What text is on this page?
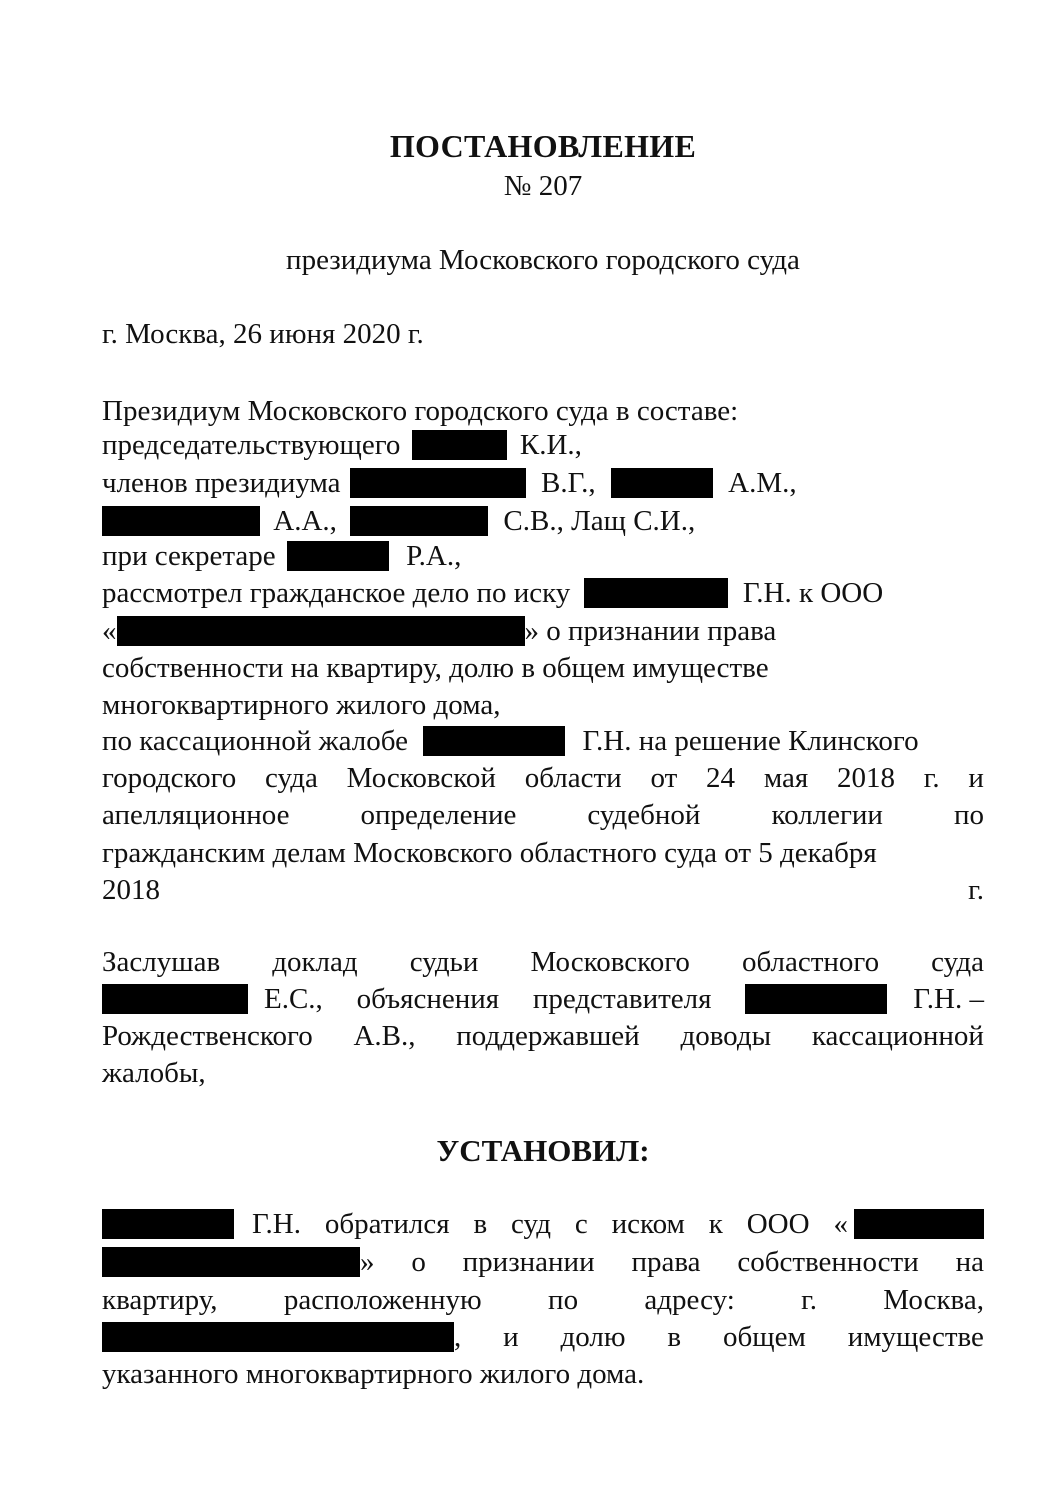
ПОСТАНОВЛЕНИЕ
№ 207
президиума Московского городского суда
г. Москва, 26 июня 2020 г.
Президиум Московского городского суда в составе:
председательствующего	К.И.,
членов президиума	В.Г.,	А.М.,
А.А.,	С.В., Лащ С.И.,
при секретаре	Р.А.,
рассмотрел гражданское дело по иску	Г.Н. к ООО
«	» о признании права
собственности на квартиру, долю в общем имуществе
многоквартирного жилого дома,
по кассационной жалобе	Г.Н. на решение Клинского
городского суда Московской области от 24 мая 2018 г. и
апелляционное определение судебной коллегии по
гражданским делам Московского областного суда от 5 декабря
2018	г.
Заслушав доклад судьи Московского областного суда
Е.С., объяснения представителя	Г.Н. –
Рождественского А.В., поддержавшей доводы кассационной
жалобы,
УСТАНОВИЛ:
Г.Н. обратился в суд с иском к ООО «
» о признании права собственности на
квартиру, расположенную по адресу: г. Москва,
, и долю в общем имуществе
указанного многоквартирного жилого дома.
